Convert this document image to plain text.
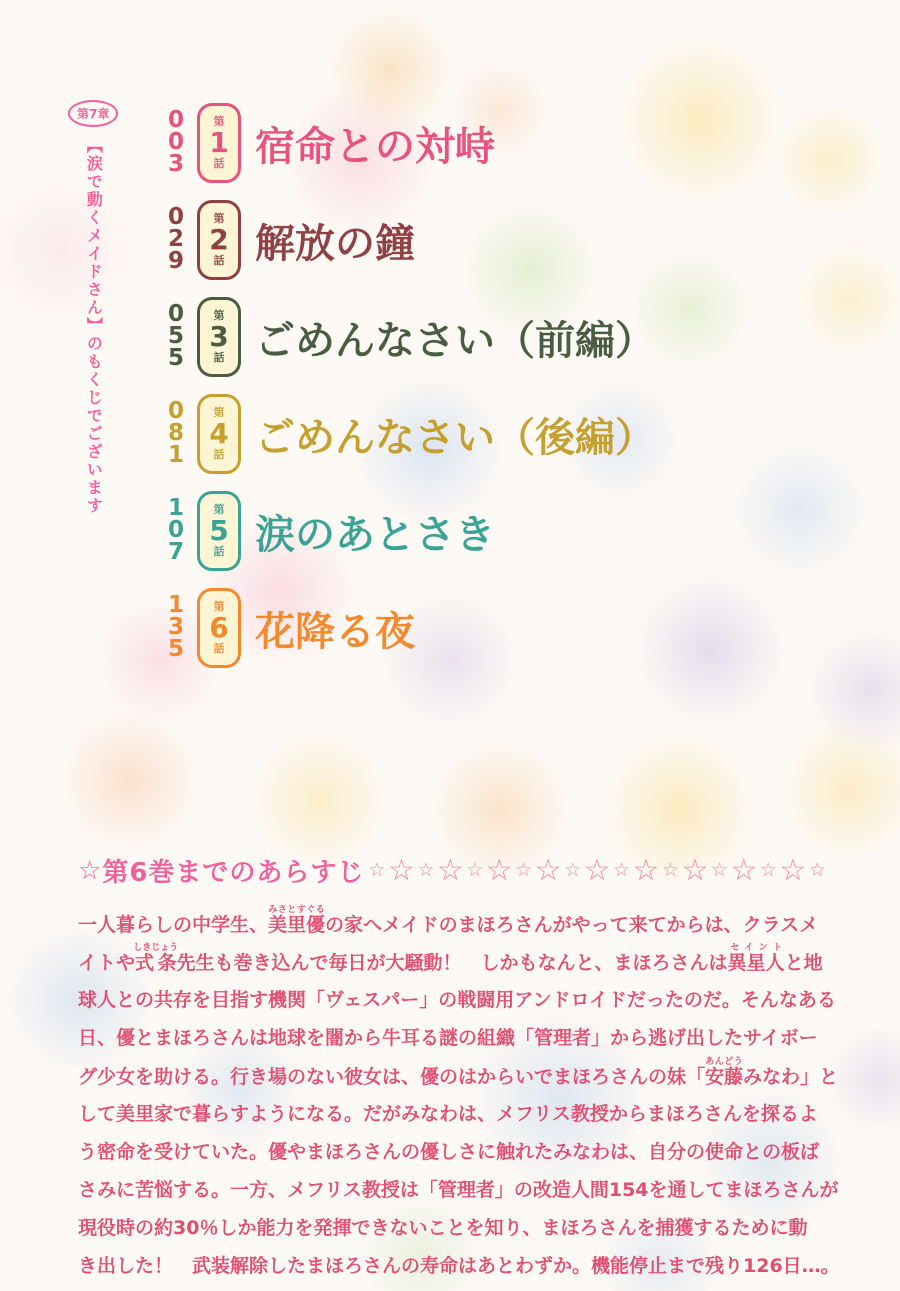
第7章
【涙で動くメイドさん】のもくじでございます
0
0
3
第
1
話 宿命との対峙
0
2
9
第
2
話 解放の鐘
0
5
5
第
3
話 ごめんなさい（前編）
0
8
1
第
4
話 ごめんなさい（後編）
1
0
7
第
5
話 涙のあとさき
1
3
5
第
6
話 花降る夜
☆ 第6巻までのあらすじ ☆ ☆ ☆ ☆ ☆ ☆ ☆ ☆ ☆ ☆ ☆ ☆ ☆ ☆ ☆ ☆ ☆ ☆ ☆
一人暮らしの中学生、美里優みさとすぐるの家へメイドのまほろさんがやって来てからは、クラスメ
イトや式条しきじょう先生も巻き込んで毎日が大騒動！　しかもなんと、まほろさんは異星人セイントと地
球人との共存を目指す機関「ヴェスパー」の戦闘用アンドロイドだったのだ。そんなある
日、優とまほろさんは地球を闇から牛耳る謎の組織「管理者」から逃げ出したサイボー
グ少女を助ける。行き場のない彼女は、優のはからいでまほろさんの妹「安藤あんどうみなわ」と
して美里家で暮らすようになる。だがみなわは、メフリス教授からまほろさんを探るよ
う密命を受けていた。優やまほろさんの優しさに触れたみなわは、自分の使命との板ば
さみに苦悩する。一方、メフリス教授は「管理者」の改造人間154を通してまほろさんが
現役時の約30％しか能力を発揮できないことを知り、まほろさんを捕獲するために動
き出した！　武装解除したまほろさんの寿命はあとわずか。機能停止まで残り126日…。
